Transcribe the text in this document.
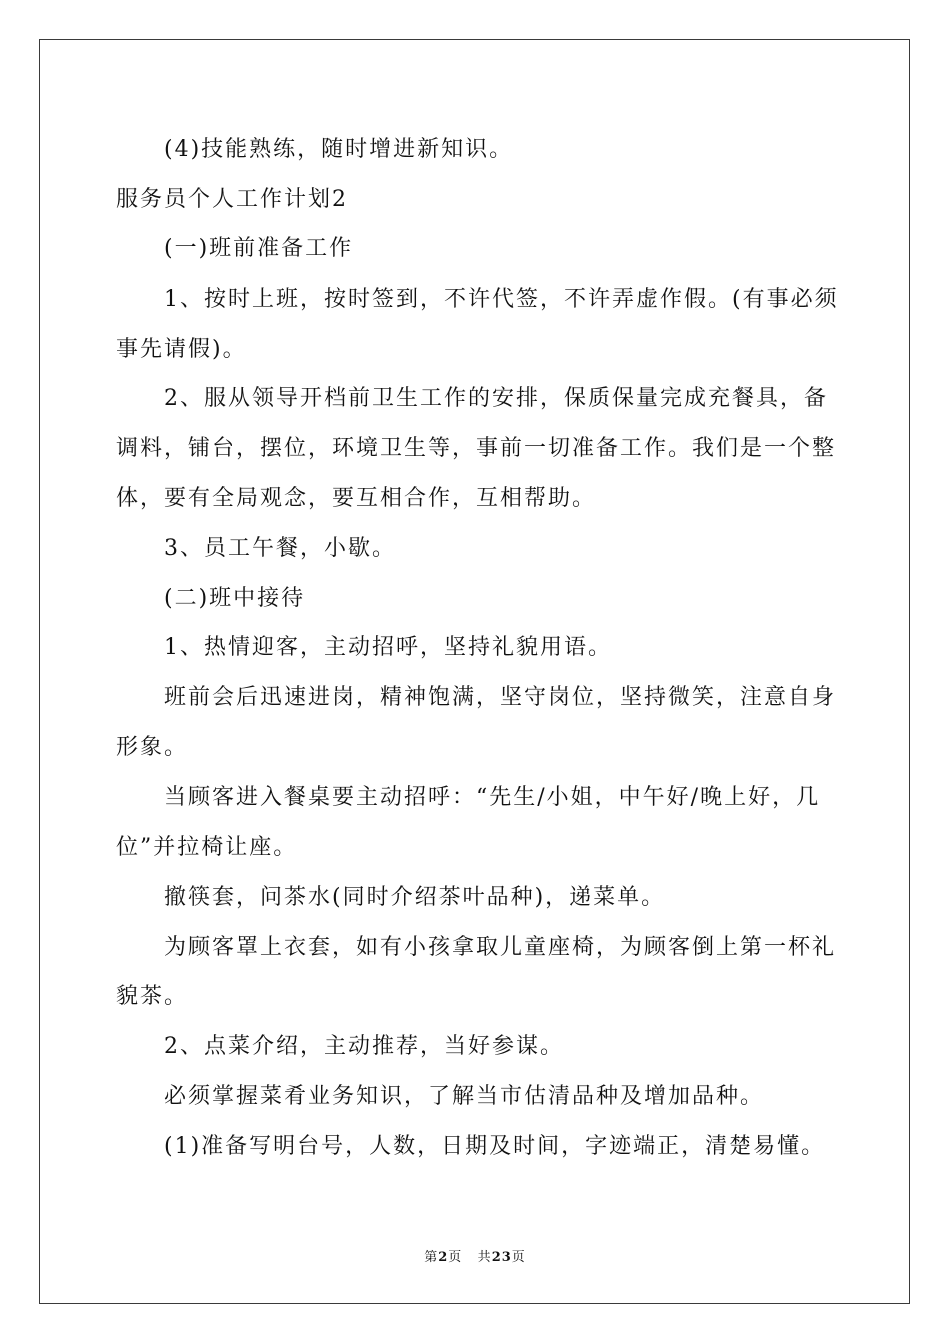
(4)技能熟练，随时增进新知识。
服务员个人工作计划2
(一)班前准备工作
1、按时上班，按时签到，不许代签，不许弄虚作假。(有事必须
事先请假)。
2、服从领导开档前卫生工作的安排，保质保量完成充餐具，备
调料，铺台，摆位，环境卫生等，事前一切准备工作。我们是一个整
体，要有全局观念，要互相合作，互相帮助。
3、员工午餐，小歇。
(二)班中接待
1、热情迎客，主动招呼，坚持礼貌用语。
班前会后迅速进岗，精神饱满，坚守岗位，坚持微笑，注意自身
形象。
当顾客进入餐桌要主动招呼：“先生/小姐，中午好/晚上好，几
位”并拉椅让座。
撤筷套，问茶水(同时介绍茶叶品种)，递菜单。
为顾客罩上衣套，如有小孩拿取儿童座椅，为顾客倒上第一杯礼
貌茶。
2、点菜介绍，主动推荐，当好参谋。
必须掌握菜肴业务知识，了解当市估清品种及增加品种。
(1)准备写明台号，人数，日期及时间，字迹端正，清楚易懂。
第2页 共23页
